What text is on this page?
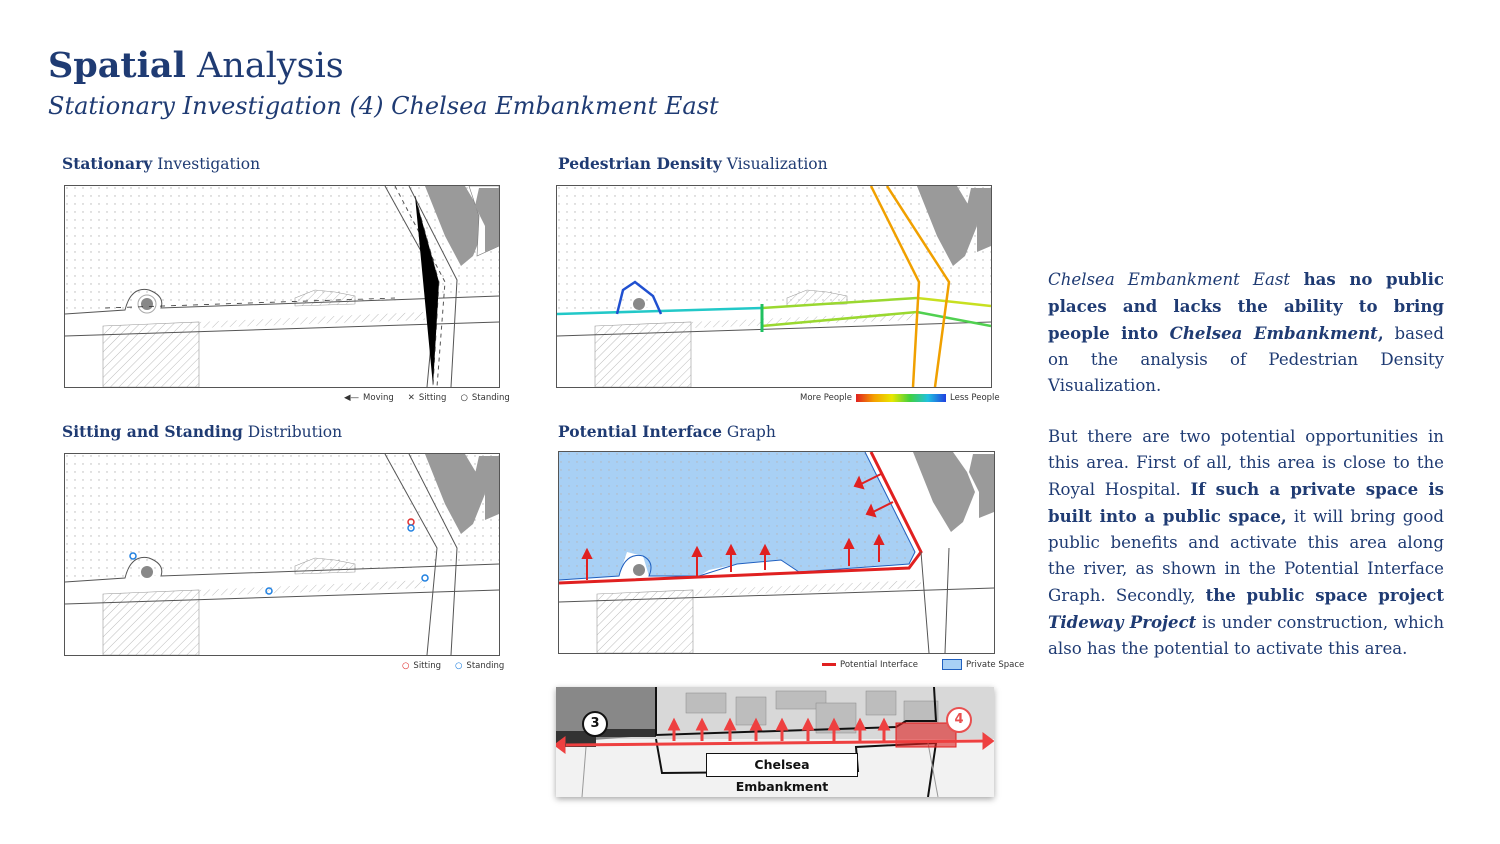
Spatial Analysis
Stationary Investigation (4) Chelsea Embankment East
Stationary Investigation
◀— Moving ✕ Sitting ○ Standing
Pedestrian Density Visualization
More People	Less People
Sitting and Standing Distribution
○ Sitting ○ Standing
Potential Interface Graph
Potential Interface	Private Space
3	4
Chelsea Embankment

Chelsea Embankment East has no public places and lacks the ability to bring people into Chelsea Embankment, based on the analysis of Pedestrian Density Visualization.

But there are two potential opportunities in this area. First of all, this area is close to the Royal Hospital. If such a private space is built into a public space, it will bring good public benefits and activate this area along the river, as shown in the Potential Interface Graph. Secondly, the public space project Tideway Project is under construction, which also has the potential to activate this area.
